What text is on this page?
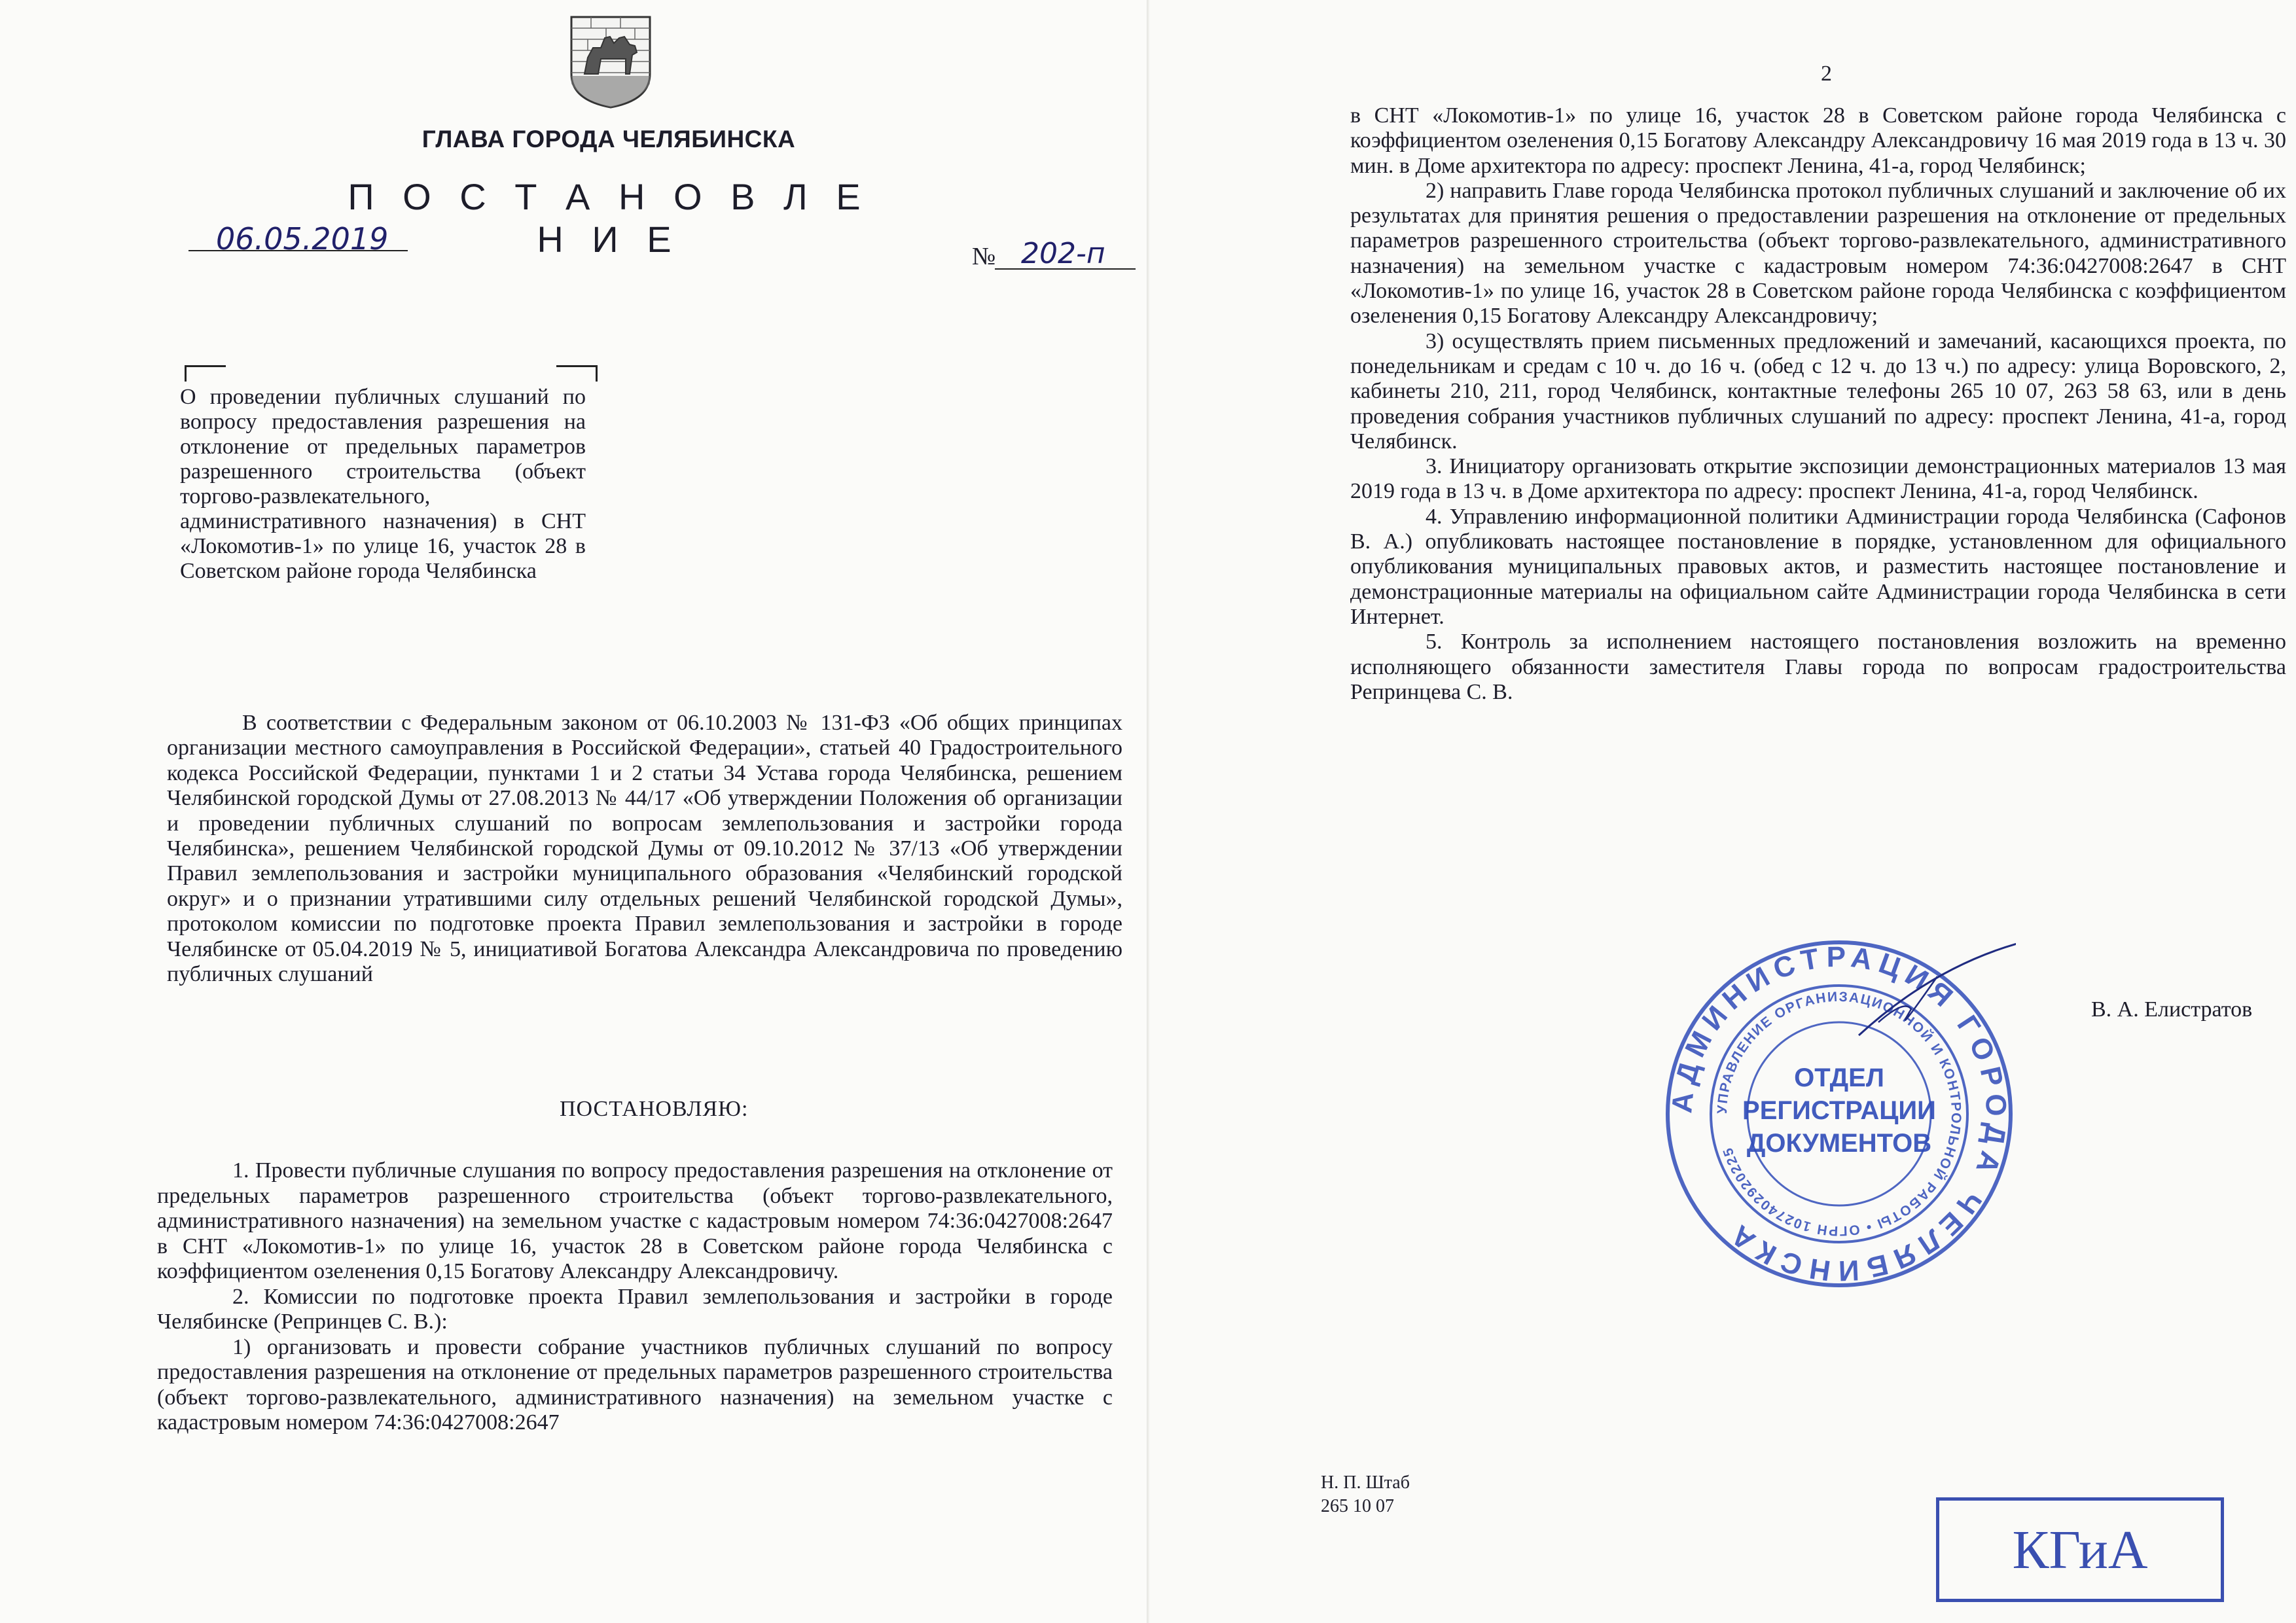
ГЛАВА ГОРОДА ЧЕЛЯБИНСКА
П О С Т А Н О В Л Е Н И Е
06.05.2019	№ 202-п

О проведении публичных слушаний по вопросу предоставления разрешения на отклонение от предельных параметров разрешенного строительства (объект торгово-развлекательного, административного назначения) в СНТ «Локомотив-1» по улице 16, участок 28 в Советском районе города Челябинска

В соответствии с Федеральным законом от 06.10.2003 № 131-ФЗ «Об общих принципах организации местного самоуправления в Российской Федерации», статьей 40 Градостроительного кодекса Российской Федерации, пунктами 1 и 2 статьи 34 Устава города Челябинска, решением Челябинской городской Думы от 27.08.2013 № 44/17 «Об утверждении Положения об организации и проведении публичных слушаний по вопросам землепользования и застройки города Челябинска», решением Челябинской городской Думы от 09.10.2012 № 37/13 «Об утверждении Правил землепользования и застройки муниципального образования «Челябинский городской округ» и о признании утратившими силу отдельных решений Челябинской городской Думы», протоколом комиссии по подготовке проекта Правил землепользования и застройки в городе Челябинске от 05.04.2019 № 5, инициативой Богатова Александра Александровича по проведению публичных слушаний

ПОСТАНОВЛЯЮ:

1. Провести публичные слушания по вопросу предоставления разрешения на отклонение от предельных параметров разрешенного строительства (объект торгово-развлекательного, административного назначения) на земельном участке с кадастровым номером 74:36:0427008:2647 в СНТ «Локомотив-1» по улице 16, участок 28 в Советском районе города Челябинска с коэффициентом озеленения 0,15 Богатову Александру Александровичу.

2. Комиссии по подготовке проекта Правил землепользования и застройки в городе Челябинске (Репринцев С. В.):

1) организовать и провести собрание участников публичных слушаний по вопросу предоставления разрешения на отклонение от предельных параметров разрешенного строительства (объект торгово-развлекательного, административного назначения) на земельном участке с кадастровым номером 74:36:0427008:2647

2

в СНТ «Локомотив-1» по улице 16, участок 28 в Советском районе города Челябинска с коэффициентом озеленения 0,15 Богатову Александру Александровичу 16 мая 2019 года в 13 ч. 30 мин. в Доме архитектора по адресу: проспект Ленина, 41-а, город Челябинск;

2) направить Главе города Челябинска протокол публичных слушаний и заключение об их результатах для принятия решения о предоставлении разрешения на отклонение от предельных параметров разрешенного строительства (объект торгово-развлекательного, административного назначения) на земельном участке с кадастровым номером 74:36:0427008:2647 в СНТ «Локомотив-1» по улице 16, участок 28 в Советском районе города Челябинска с коэффициентом озеленения 0,15 Богатову Александру Александровичу;

3) осуществлять прием письменных предложений и замечаний, касающихся проекта, по понедельникам и средам с 10 ч. до 16 ч. (обед с 12 ч. до 13 ч.) по адресу: улица Воровского, 2, кабинеты 210, 211, город Челябинск, контактные телефоны 265 10 07, 263 58 63, или в день проведения собрания участников публичных слушаний по адресу: проспект Ленина, 41-а, город Челябинск.

3. Инициатору организовать открытие экспозиции демонстрационных материалов 13 мая 2019 года в 13 ч. в Доме архитектора по адресу: проспект Ленина, 41-а, город Челябинск.

4. Управлению информационной политики Администрации города Челябинска (Сафонов В. А.) опубликовать настоящее постановление в порядке, установленном для официального опубликования муниципальных правовых актов, и разместить настоящее постановление и демонстрационные материалы на официальном сайте Администрации города Челябинска в сети Интернет.

5. Контроль за исполнением настоящего постановления возложить на временно исполняющего обязанности заместителя Главы города по вопросам градостроительства Репринцева С. В.

АДМИНИСТРАЦИЯ ГОРОДА ЧЕЛЯБИНСКА
УПРАВЛЕНИЕ ОРГАНИЗАЦИОННОЙ И КОНТРОЛЬНОЙ РАБОТЫ • ОГРН 1027402920225
ОТДЕЛ
РЕГИСТРАЦИИ
ДОКУМЕНТОВ
В. А. Елистратов
Н. П. Штаб
265 10 07
КГиА
